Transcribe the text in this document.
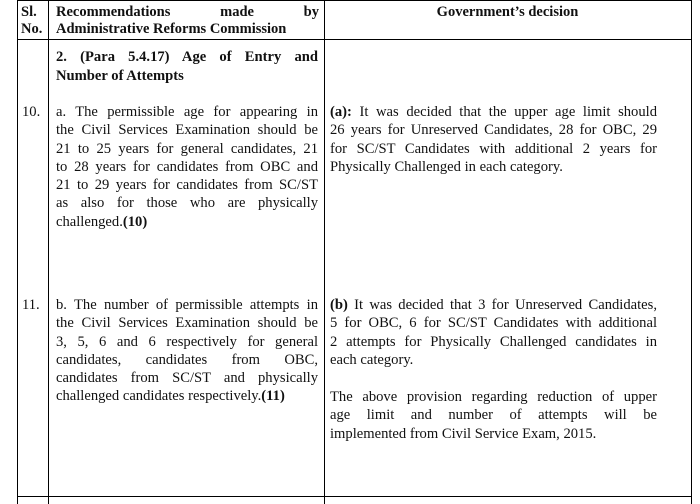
Sl.
No.
Recommendations	made	by
Administrative Reforms Commission
Government’s decision
2. (Para 5.4.17) Age of Entry and
Number of Attempts
10. a. The permissible age for appearing in
the Civil Services Examination should be
21 to 25 years for general candidates, 21
to 28 years for candidates from OBC and
21 to 29 years for candidates from SC/ST
as also for those who are physically
challenged.(10)
(a): It was decided that the upper age limit should
26 years for Unreserved Candidates, 28 for OBC, 29
for SC/ST Candidates with additional 2 years for
Physically Challenged in each category.
11. b. The number of permissible attempts in
the Civil Services Examination should be
3, 5, 6 and 6 respectively for general
candidates, candidates from OBC,
candidates from SC/ST and physically
challenged candidates respectively.(11)
(b) It was decided that 3 for Unreserved Candidates,
5 for OBC, 6 for SC/ST Candidates with additional
2 attempts for Physically Challenged candidates in
each category.
The above provision regarding reduction of upper
age limit and number of attempts will be
implemented from Civil Service Exam, 2015.
